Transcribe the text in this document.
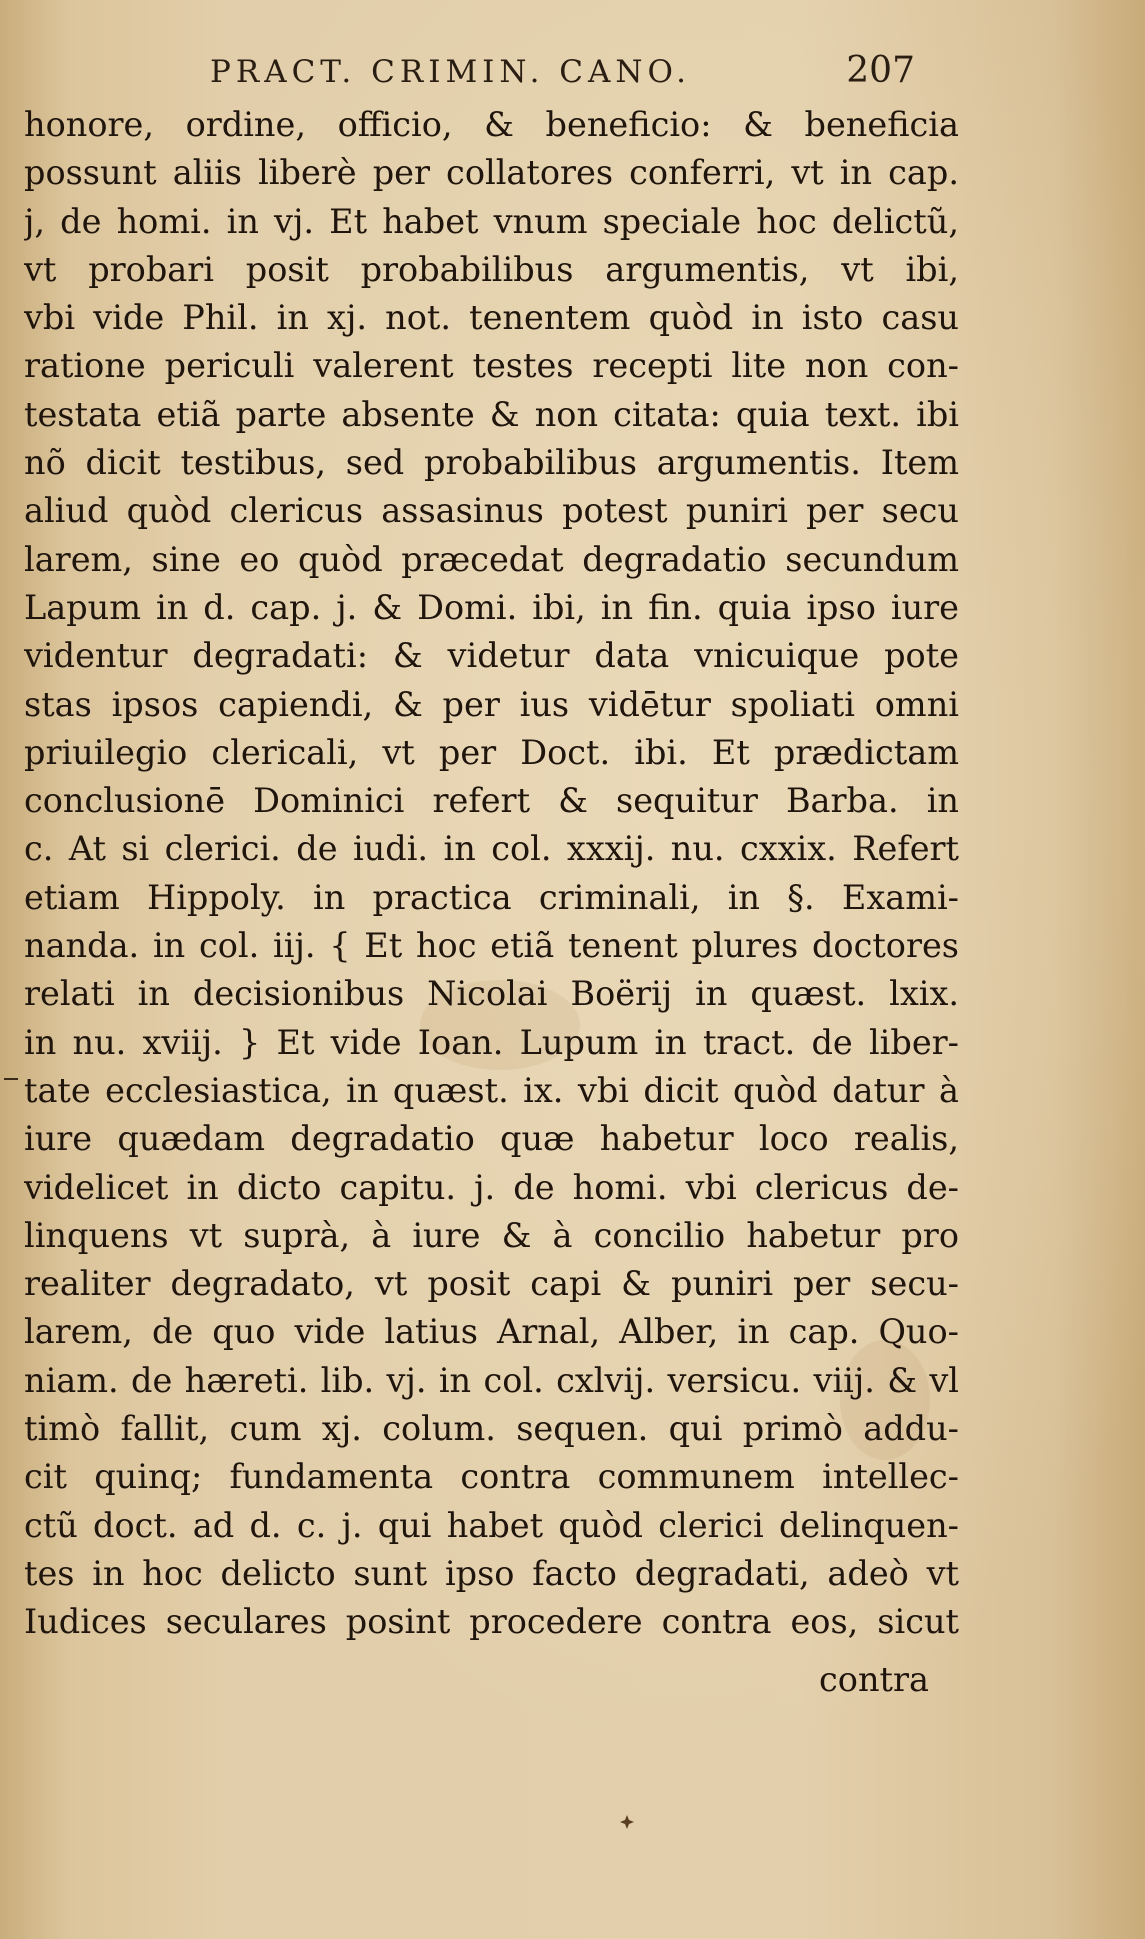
PRACT. CRIMIN. CANO.	207
honore, ordine, officio, & beneficio: & beneficia
possunt aliis liberè per collatores conferri, vt in cap.
j, de homi. in vj. Et habet vnum speciale hoc delictũ,
vt probari posit probabilibus argumentis, vt ibi,
vbi vide Phil. in xj. not. tenentem quòd in isto casu
ratione periculi valerent testes recepti lite non con-
testata etiã parte absente & non citata: quia text. ibi
nõ dicit testibus, sed probabilibus argumentis. Item
aliud quòd clericus assasinus potest puniri per secu
larem, sine eo quòd præcedat degradatio secundum
Lapum in d. cap. j. & Domi. ibi, in fin. quia ipso iure
videntur degradati: & videtur data vnicuique pote
stas ipsos capiendi, & per ius vidētur spoliati omni
priuilegio clericali, vt per Doct. ibi. Et prædictam
conclusionē Dominici refert & sequitur Barba. in
c. At si clerici. de iudi. in col. xxxij. nu. cxxix. Refert
etiam Hippoly. in practica criminali, in §. Exami-
nanda. in col. iij. { Et hoc etiã tenent plures doctores
relati in decisionibus Nicolai Boërij in quæst. lxix.
in nu. xviij. } Et vide Ioan. Lupum in tract. de liber-
tate ecclesiastica, in quæst. ix. vbi dicit quòd datur à
iure quædam degradatio quæ habetur loco realis,
videlicet in dicto capitu. j. de homi. vbi clericus de-
linquens vt suprà, à iure & à concilio habetur pro
realiter degradato, vt posit capi & puniri per secu-
larem, de quo vide latius Arnal, Alber, in cap. Quo-
niam. de hæreti. lib. vj. in col. cxlvij. versicu. viij. & vl
timò fallit, cum xj. colum. sequen. qui primò addu-
cit quinq; fundamenta contra communem intellec-
ctũ doct. ad d. c. j. qui habet quòd clerici delinquen-
tes in hoc delicto sunt ipso facto degradati, adeò vt
Iudices seculares posint procedere contra eos, sicut
contra
